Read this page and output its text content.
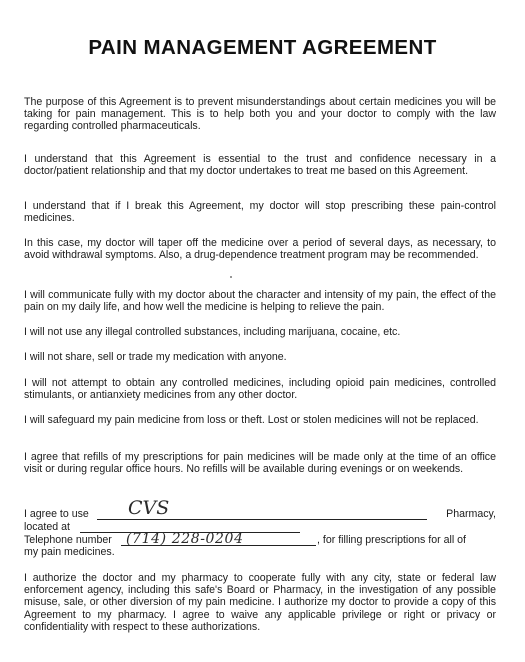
PAIN MANAGEMENT AGREEMENT
The purpose of this Agreement is to prevent misunderstandings about certain medicines you will be taking for pain management. This is to help both you and your doctor to comply with the law regarding controlled pharmaceuticals.
I understand that this Agreement is essential to the trust and confidence necessary in a doctor/patient relationship and that my doctor undertakes to treat me based on this Agreement.
I understand that if I break this Agreement, my doctor will stop prescribing these pain-control medicines.
In this case, my doctor will taper off the medicine over a period of several days, as necessary, to avoid withdrawal symptoms. Also, a drug-dependence treatment program may be recommended.
I will communicate fully with my doctor about the character and intensity of my pain, the effect of the pain on my daily life, and how well the medicine is helping to relieve the pain.
I will not use any illegal controlled substances, including marijuana, cocaine, etc.
I will not share, sell or trade my medication with anyone.
I will not attempt to obtain any controlled medicines, including opioid pain medicines, controlled stimulants, or antianxiety medicines from any other doctor.
I will safeguard my pain medicine from loss or theft. Lost or stolen medicines will not be replaced.
I agree that refills of my prescriptions for pain medicines will be made only at the time of an office visit or during regular office hours. No refills will be available during evenings or on weekends.
I agree to use	Pharmacy,
CVS
located at
Telephone number	, for filling prescriptions for all of
(714) 228-0204
my pain medicines.
I authorize the doctor and my pharmacy to cooperate fully with any city, state or federal law enforcement agency, including this safe's Board or Pharmacy, in the investigation of any possible misuse, sale, or other diversion of my pain medicine. I authorize my doctor to provide a copy of this Agreement to my pharmacy. I agree to waive any applicable privilege or right or privacy or confidentiality with respect to these authorizations.
